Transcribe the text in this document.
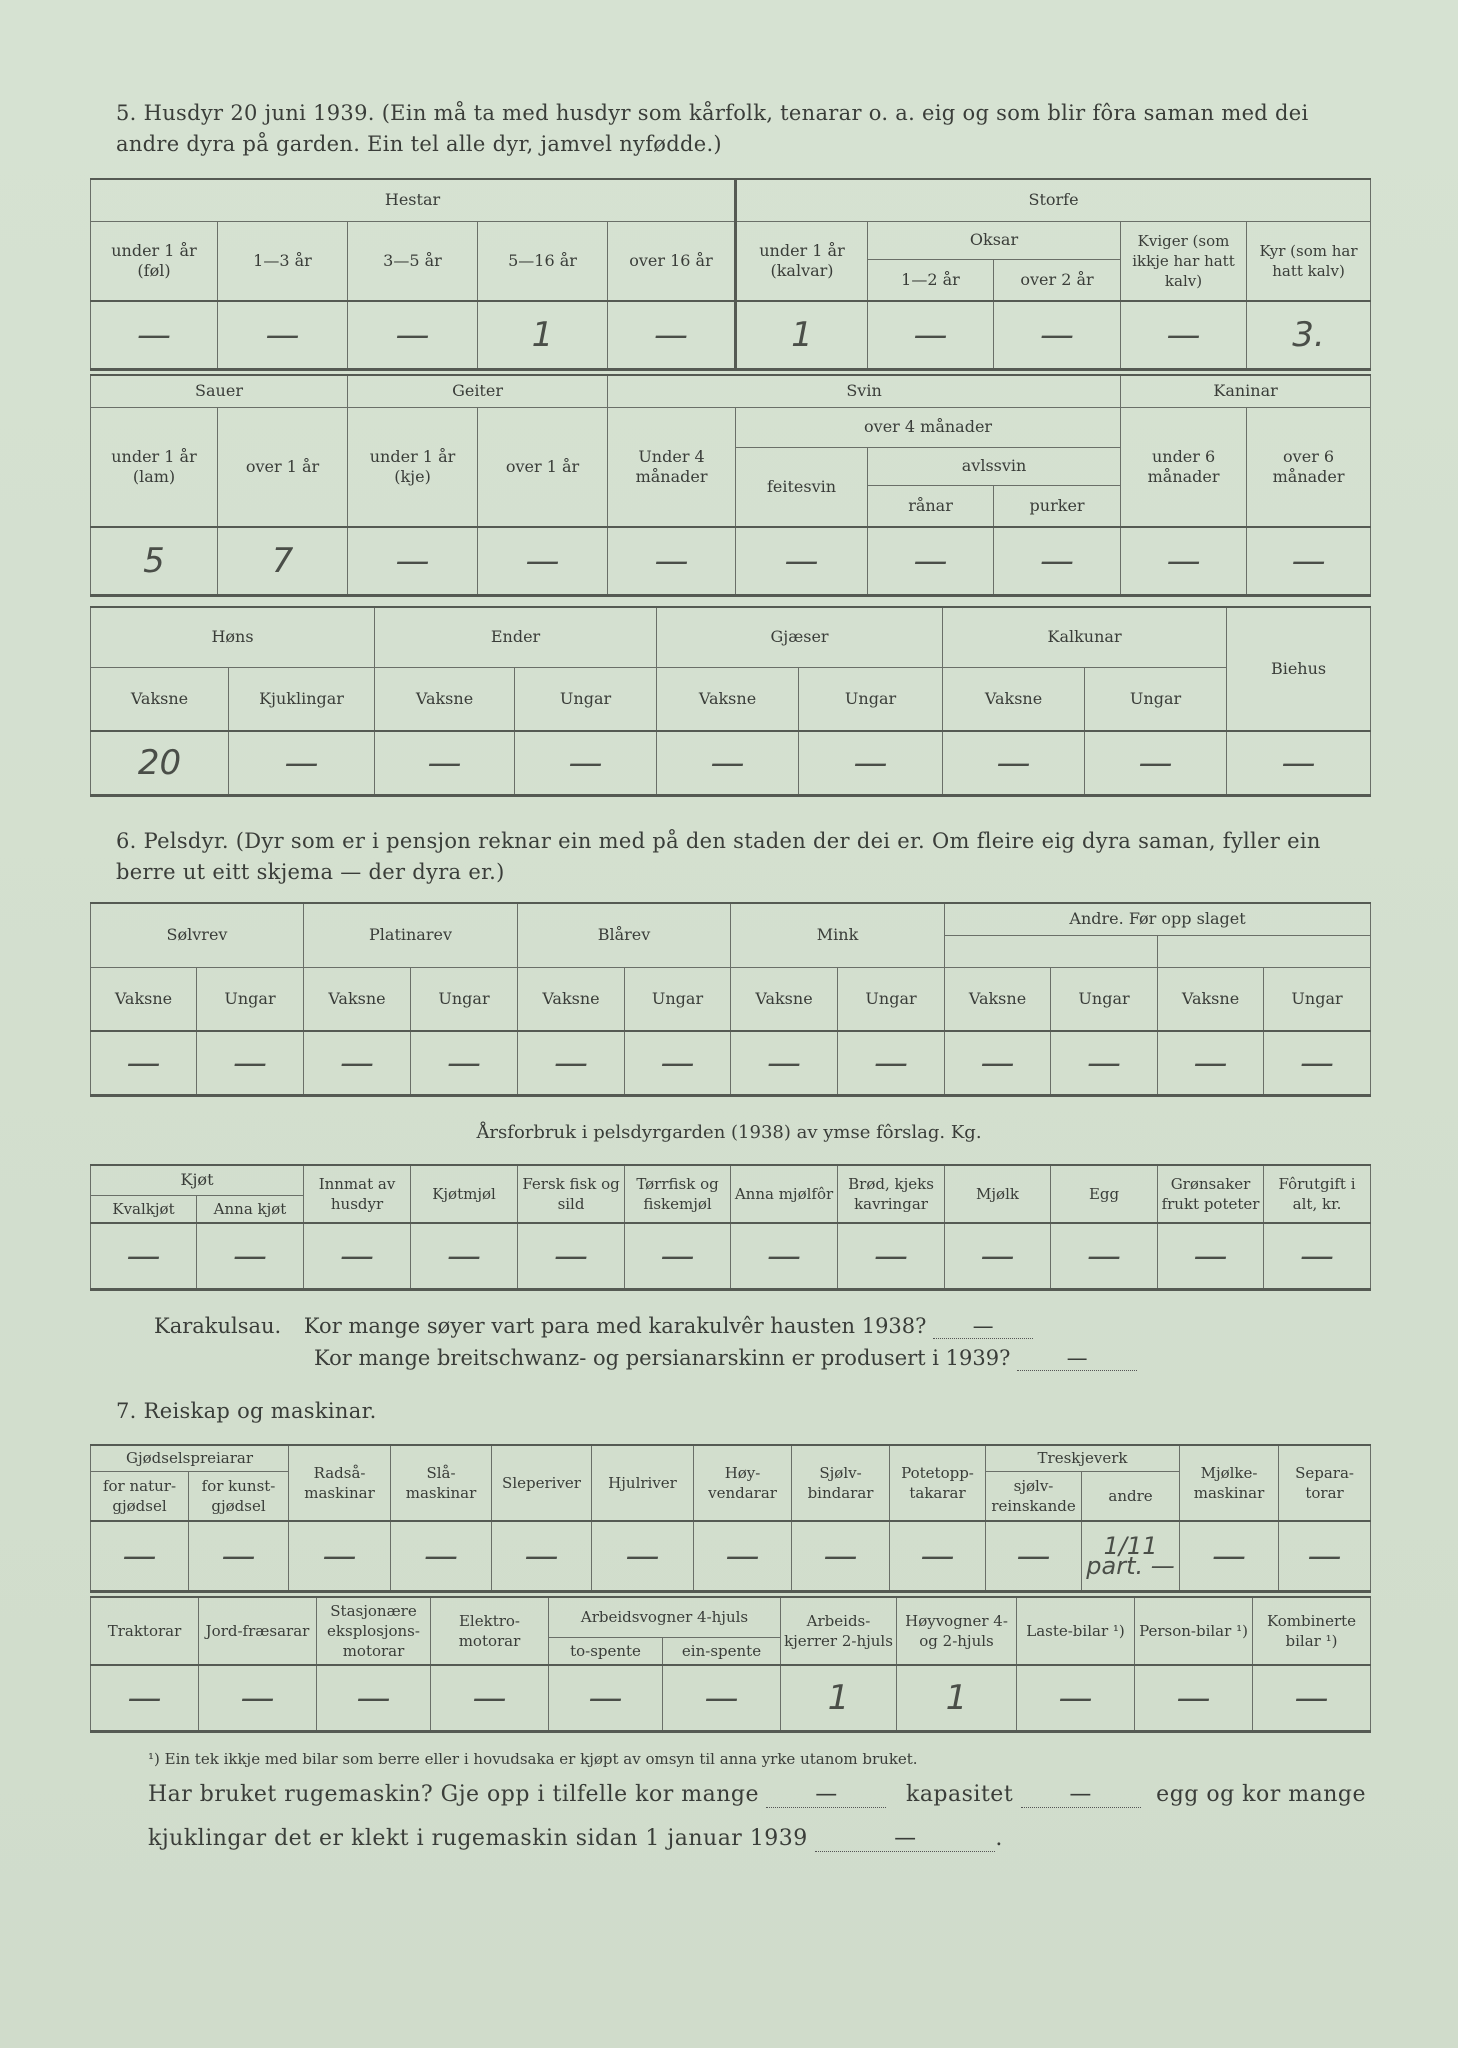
5. Husdyr 20 juni 1939. (Ein må ta med husdyr som kårfolk, tenarar o. a. eig og som blir fôra saman med dei andre dyra på garden. Ein tel alle dyr, jamvel nyfødde.)
Hestar					Storfe				
under 1 år (føl)	1—3 år	3—5 år	5—16 år	over 16 år	under 1 år (kalvar)	Oksar		Kviger (som ikkje har hatt kalv)	Kyr (som har hatt kalv)
						1—2 år	over 2 år		
—	—	—	1	—	1	—	—	—	3.
Sauer		Geiter		Svin				Kaninar	
under 1 år (lam)	over 1 år	under 1 år (kje)	over 1 år	Under 4 månader	over 4 månader			under 6 månader	over 6 månader
					feitesvin	avlssvin			
						rånar	purker		
5	7	—	—	—	—	—	—	—	—
Høns		Ender		Gjæser		Kalkunar		Biehus
Vaksne	Kjuklingar	Vaksne	Ungar	Vaksne	Ungar	Vaksne	Ungar	
20	—	—	—	—	—	—	—	—
6. Pelsdyr. (Dyr som er i pensjon reknar ein med på den staden der dei er. Om fleire eig dyra saman, fyller ein berre ut eitt skjema — der dyra er.)
Sølvrev		Platinarev		Blårev		Mink		Andre. Før opp slaget			

Vaksne	Ungar	Vaksne	Ungar	Vaksne	Ungar	Vaksne	Ungar	Vaksne	Ungar	Vaksne	Ungar
—	—	—	—	—	—	—	—	—	—	—	—
Årsforbruk i pelsdyrgarden (1938) av ymse fôrslag. Kg.
Kjøt		Innmat av husdyr	Kjøtmjøl	Fersk fisk og sild	Tørrfisk og fiskemjøl	Anna mjølfôr	Brød, kjeks kavringar	Mjølk	Egg	Grønsaker frukt poteter	Fôrutgift i alt, kr.
Kvalkjøt	Anna kjøt										
—	—	—	—	—	—	—	—	—	—	—	—
Karakulsau. Kor mange søyer vart para med karakulvêr hausten 1938? —
Kor mange breitschwanz- og persianarskinn er produsert i 1939?	—
7. Reiskap og maskinar.
Gjødselspreiarar		Radså-maskinar	Slå-maskinar	Sleperiver	Hjulriver	Høy-vendarar	Sjølv-bindarar	Potetopp-takarar	Treskjeverk		Mjølke-maskinar	Separa-torar
for natur-gjødsel	for kunst-gjødsel								sjølv-reinskande	andre		
—	—	—	—	—	—	—	—	—	—	1/11 part. —	—	—
Traktorar	Jord-fræsarar	Stasjonære eksplosjons-motorar	Elektro-motorar	Arbeidsvogner 4-hjuls		Arbeids-kjerrer 2-hjuls	Høyvogner 4- og 2-hjuls	Laste-bilar ¹)	Person-bilar ¹)	Kombinerte bilar ¹)
				to-spente	ein-spente					
—	—	—	—	—	—	1	1	—	—	—
¹) Ein tek ikkje med bilar som berre eller i hovudsaka er kjøpt av omsyn til anna yrke utanom bruket.
Har bruket rugemaskin? Gje opp i tilfelle kor mange	—	kapasitet	—	egg og kor mange
kjuklingar det er klekt i rugemaskin sidan 1 januar 1939	—	.
